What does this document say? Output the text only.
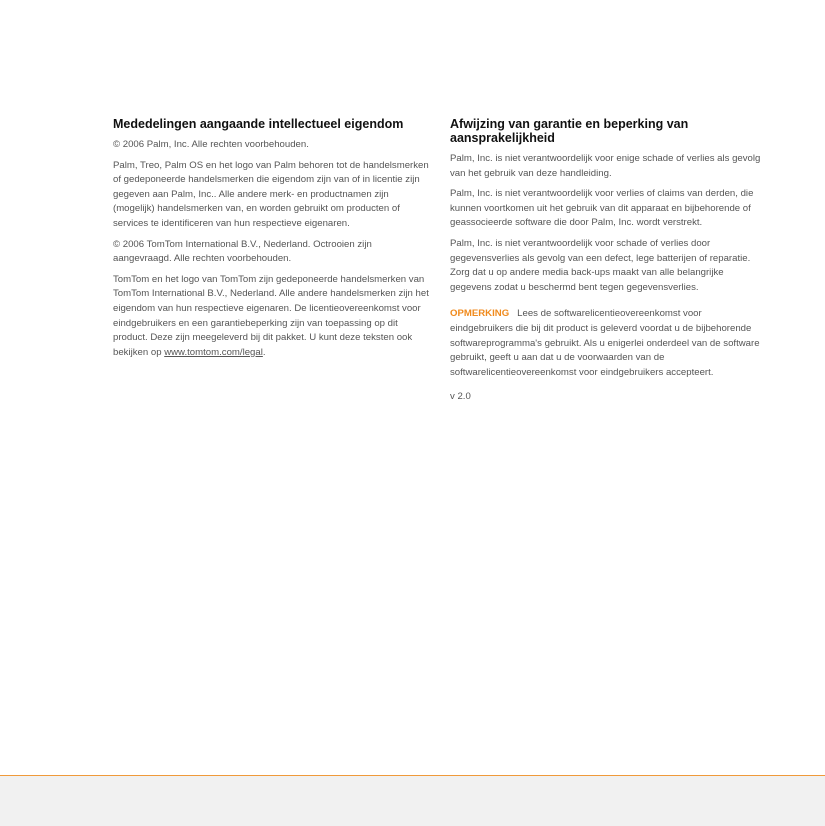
Mededelingen aangaande intellectueel eigendom

© 2006 Palm, Inc. Alle rechten voorbehouden.

Palm, Treo, Palm OS en het logo van Palm behoren tot de handelsmerken of gedeponeerde handelsmerken die eigendom zijn van of in licentie zijn gegeven aan Palm, Inc.. Alle andere merk- en productnamen zijn (mogelijk) handelsmerken van, en worden gebruikt om producten of services te identificeren van hun respectieve eigenaren.

© 2006 TomTom International B.V., Nederland. Octrooien zijn aangevraagd. Alle rechten voorbehouden.

TomTom en het logo van TomTom zijn gedeponeerde handelsmerken van TomTom International B.V., Nederland. Alle andere handelsmerken zijn het eigendom van hun respectieve eigenaren. De licentieovereenkomst voor eindgebruikers en een garantiebeperking zijn van toepassing op dit product. Deze zijn meegeleverd bij dit pakket. U kunt deze teksten ook bekijken op www.tomtom.com/legal.

Afwijzing van garantie en beperking van aansprakelijkheid

Palm, Inc. is niet verantwoordelijk voor enige schade of verlies als gevolg van het gebruik van deze handleiding.

Palm, Inc. is niet verantwoordelijk voor verlies of claims van derden, die kunnen voortkomen uit het gebruik van dit apparaat en bijbehorende of geassocieerde software die door Palm, Inc. wordt verstrekt.

Palm, Inc. is niet verantwoordelijk voor schade of verlies door gegevensverlies als gevolg van een defect, lege batterijen of reparatie. Zorg dat u op andere media back-ups maakt van alle belangrijke gegevens zodat u beschermd bent tegen gegevensverlies.

OPMERKING Lees de softwarelicentieovereenkomst voor eindgebruikers die bij dit product is geleverd voordat u de bijbehorende softwareprogramma's gebruikt. Als u enigerlei onderdeel van de software gebruikt, geeft u aan dat u de voorwaarden van de softwarelicentieovereenkomst voor eindgebruikers accepteert.

v 2.0
